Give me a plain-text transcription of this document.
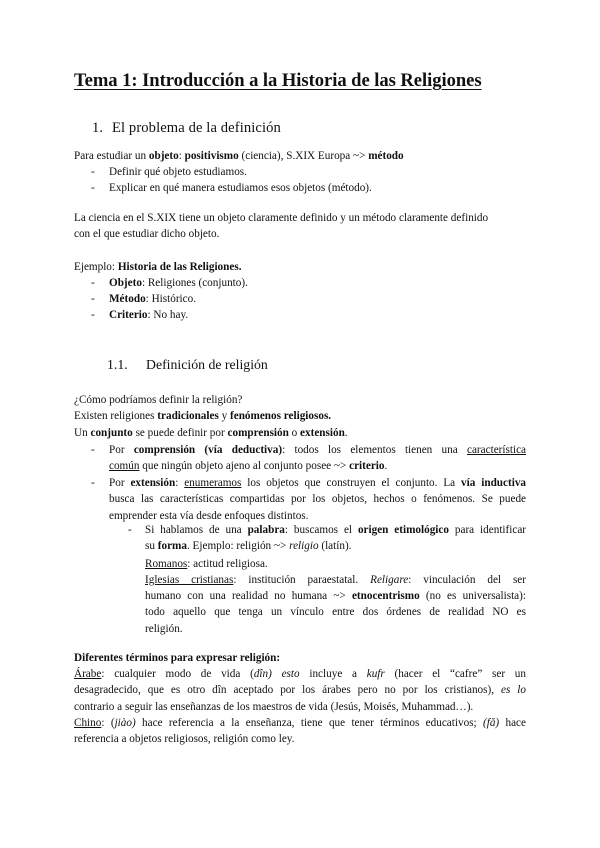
Tema 1: Introducción a la Historia de las Religiones
1. El problema de la definición
Para estudiar un objeto: positivismo (ciencia), S.XIX Europa ~> método
- Definir qué objeto estudiamos.
- Explicar en qué manera estudiamos esos objetos (método).
La ciencia en el S.XIX tiene un objeto claramente definido y un método claramente definido
con el que estudiar dicho objeto.
Ejemplo: Historia de las Religiones.
- Objeto: Religiones (conjunto).
- Método: Histórico.
- Criterio: No hay.
1.1. Definición de religión
¿Cómo podríamos definir la religión?
Existen religiones tradicionales y fenómenos religiosos.
Un conjunto se puede definir por comprensión o extensión.
- Por comprensión (vía deductiva): todos los elementos tienen una característica
común que ningún objeto ajeno al conjunto posee ~> criterio.
- Por extensión: enumeramos los objetos que construyen el conjunto. La vía inductiva
busca las características compartidas por los objetos, hechos o fenómenos. Se puede
emprender esta vía desde enfoques distintos.
- Si hablamos de una palabra: buscamos el origen etimológico para identificar
su forma. Ejemplo: religión ~> religio (latín).
Romanos: actitud religiosa.
Iglesias cristianas: institución paraestatal. Religare: vinculación del ser
humano con una realidad no humana ~> etnocentrismo (no es universalista):
todo aquello que tenga un vínculo entre dos órdenes de realidad NO es
religión.
Diferentes términos para expresar religión:
Árabe: cualquier modo de vida (dîn) esto incluye a kufr (hacer el “cafre” ser un
desagradecido, que es otro dîn aceptado por los árabes pero no por los cristianos), es lo
contrario a seguir las enseñanzas de los maestros de vida (Jesús, Moisés, Muhammad…).
Chino: (jiào) hace referencia a la enseñanza, tiene que tener términos educativos; (fă) hace
referencia a objetos religiosos, religión como ley.
